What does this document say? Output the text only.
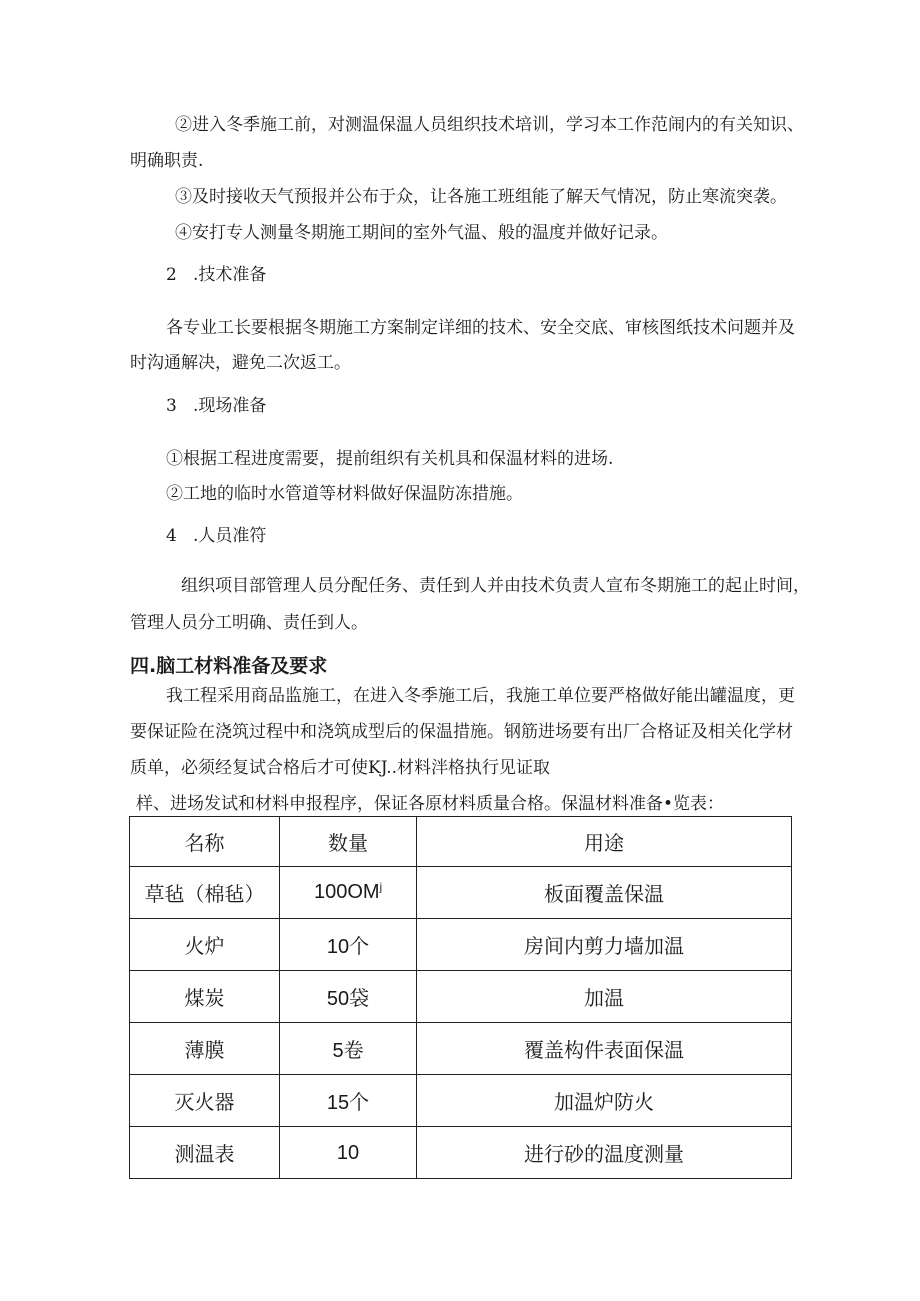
②进入冬季施工前，对测温保温人员组织技术培训，学习本工作范闹内的有关知识、
明确职责.
③及时接收天气预报并公布于众，让各施工班组能了解天气情况，防止寒流突袭。
④安打专人测量冬期施工期间的室外气温、般的温度并做好记录。
2   .技术准备
各专业工长要根据冬期施工方案制定详细的技术、安全交底、审核图纸技术问题并及
时沟通解决，避免二次返工。
3   .现场准备
①根据工程进度需要，提前组织有关机具和保温材料的进场.
②工地的临时水管道等材料做好保温防冻措施。
4   .人员准符
组织项目部管理人员分配任务、责任到人并由技术负责人宣布冬期施工的起止时间，
管理人员分工明确、责任到人。
四.脑工材料准备及要求
我工程采用商品监施工，在进入冬季施工后，我施工单位要严格做好能出罐温度，更
要保证险在浇筑过程中和浇筑成型后的保温措施。钢筋进场要有出厂合格证及相关化学材
质单，必须经复试合格后才可使KJ..材料泮格执行见证取
样、进场发试和材料申报程序，保证各原材料质量合格。保温材料准备•览表：
名称	数量	用途
草毡（棉毡）	$100OM^j$	板面覆盖保温
火炉	10个	房间内剪力墙加温
煤炭	50袋	加温
薄膜	5卷	覆盖构件表面保温
灭火器	15个	加温炉防火
测温表	10	进行砂的温度测量
